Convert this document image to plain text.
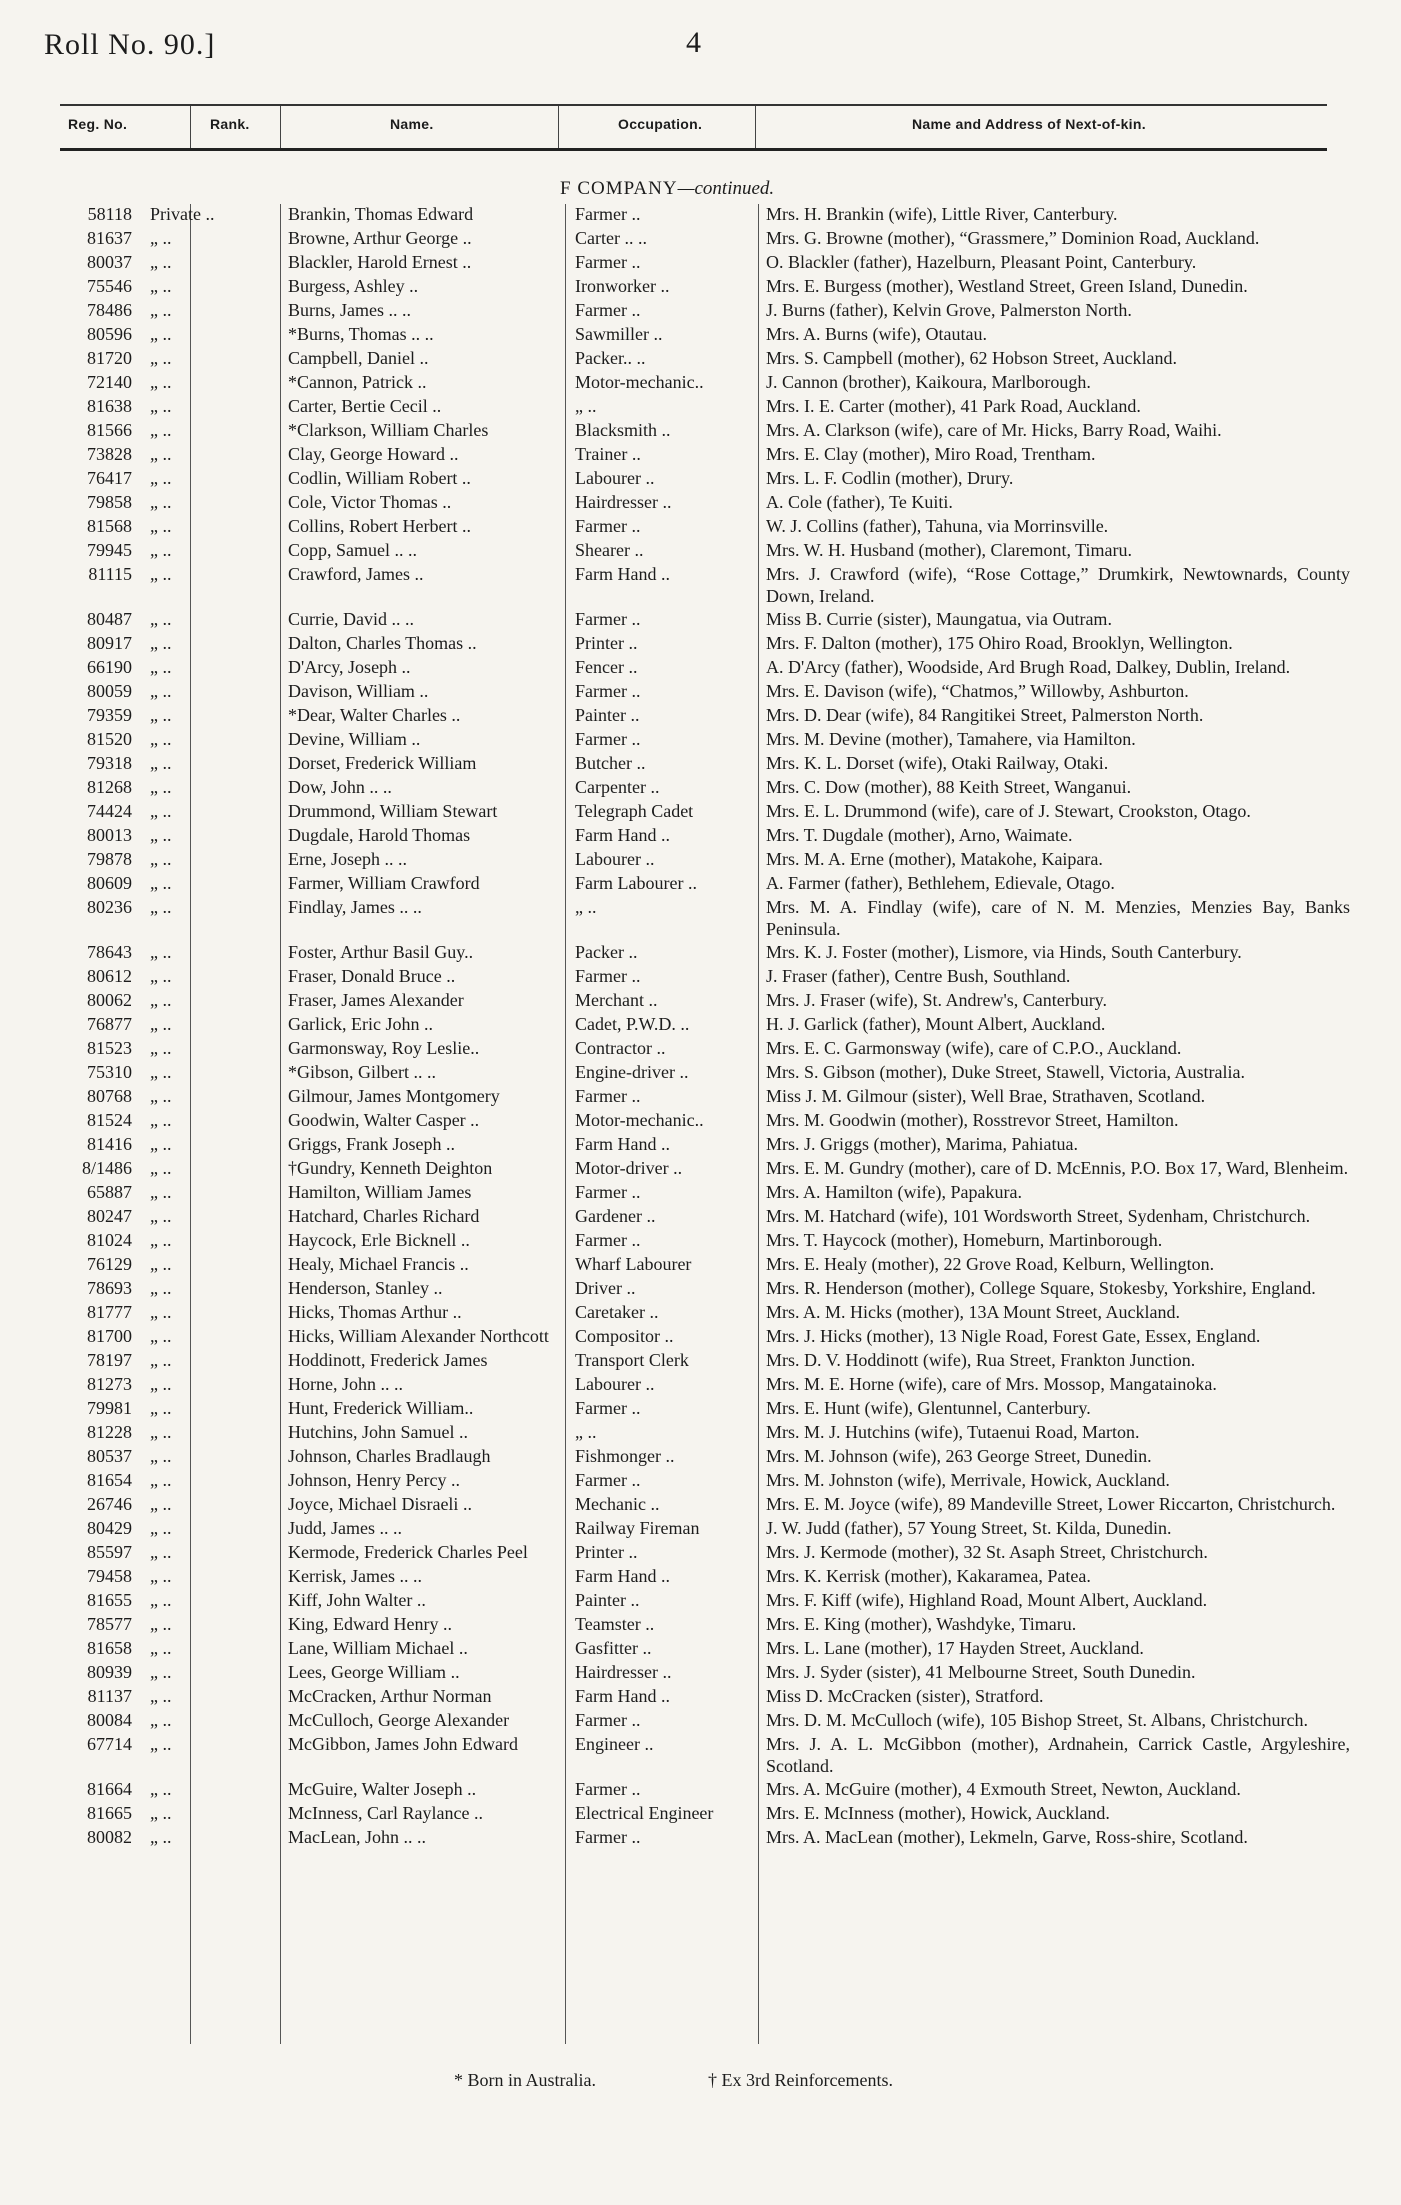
Roll No. 90.]	4
Reg. No.	Rank.	Name.	Occupation.	Name and Address of Next-of-kin.
F COMPANY—continued.
58118 Private ..	Brankin, Thomas Edward	Farmer ..	Mrs. H. Brankin (wife), Little River, Canterbury.
81637 „ ..	Browne, Arthur George ..	Carter .. ..	Mrs. G. Browne (mother), “Grassmere,” Dominion Road, Auckland.
80037 „ ..	Blackler, Harold Ernest ..	Farmer ..	O. Blackler (father), Hazelburn, Pleasant Point, Canterbury.
75546 „ ..	Burgess, Ashley ..	Ironworker ..	Mrs. E. Burgess (mother), Westland Street, Green Island, Dunedin.
78486 „ ..	Burns, James .. ..	Farmer ..	J. Burns (father), Kelvin Grove, Palmerston North.
80596 „ ..	*Burns, Thomas .. ..	Sawmiller ..	Mrs. A. Burns (wife), Otautau.
81720 „ ..	Campbell, Daniel ..	Packer.. ..	Mrs. S. Campbell (mother), 62 Hobson Street, Auckland.
72140 „ ..	*Cannon, Patrick ..	Motor-mechanic..	J. Cannon (brother), Kaikoura, Marlborough.
81638 „ ..	Carter, Bertie Cecil ..	„ ..	Mrs. I. E. Carter (mother), 41 Park Road, Auckland.
81566 „ ..	*Clarkson, William Charles	Blacksmith ..	Mrs. A. Clarkson (wife), care of Mr. Hicks, Barry Road, Waihi.
73828 „ ..	Clay, George Howard ..	Trainer ..	Mrs. E. Clay (mother), Miro Road, Trentham.
76417 „ ..	Codlin, William Robert ..	Labourer ..	Mrs. L. F. Codlin (mother), Drury.
79858 „ ..	Cole, Victor Thomas ..	Hairdresser ..	A. Cole (father), Te Kuiti.
81568 „ ..	Collins, Robert Herbert ..	Farmer ..	W. J. Collins (father), Tahuna, via Morrinsville.
79945 „ ..	Copp, Samuel .. ..	Shearer ..	Mrs. W. H. Husband (mother), Claremont, Timaru.
81115 „ ..	Crawford, James ..	Farm Hand ..	Mrs. J. Crawford (wife), “Rose Cottage,” Drumkirk, Newtownards, County Down, Ireland.
80487 „ ..	Currie, David .. ..	Farmer ..	Miss B. Currie (sister), Maungatua, via Outram.
80917 „ ..	Dalton, Charles Thomas ..	Printer ..	Mrs. F. Dalton (mother), 175 Ohiro Road, Brooklyn, Wellington.
66190 „ ..	D'Arcy, Joseph ..	Fencer ..	A. D'Arcy (father), Woodside, Ard Brugh Road, Dalkey, Dublin, Ireland.
80059 „ ..	Davison, William ..	Farmer ..	Mrs. E. Davison (wife), “Chatmos,” Willowby, Ashburton.
79359 „ ..	*Dear, Walter Charles ..	Painter ..	Mrs. D. Dear (wife), 84 Rangitikei Street, Palmerston North.
81520 „ ..	Devine, William ..	Farmer ..	Mrs. M. Devine (mother), Tamahere, via Hamilton.
79318 „ ..	Dorset, Frederick William	Butcher ..	Mrs. K. L. Dorset (wife), Otaki Railway, Otaki.
81268 „ ..	Dow, John .. ..	Carpenter ..	Mrs. C. Dow (mother), 88 Keith Street, Wanganui.
74424 „ ..	Drummond, William Stewart	Telegraph Cadet	Mrs. E. L. Drummond (wife), care of J. Stewart, Crookston, Otago.
80013 „ ..	Dugdale, Harold Thomas	Farm Hand ..	Mrs. T. Dugdale (mother), Arno, Waimate.
79878 „ ..	Erne, Joseph .. ..	Labourer ..	Mrs. M. A. Erne (mother), Matakohe, Kaipara.
80609 „ ..	Farmer, William Crawford	Farm Labourer ..	A. Farmer (father), Bethlehem, Edievale, Otago.
80236 „ ..	Findlay, James .. ..	„ ..	Mrs. M. A. Findlay (wife), care of N. M. Menzies, Menzies Bay, Banks Peninsula.
78643 „ ..	Foster, Arthur Basil Guy..	Packer ..	Mrs. K. J. Foster (mother), Lismore, via Hinds, South Canterbury.
80612 „ ..	Fraser, Donald Bruce ..	Farmer ..	J. Fraser (father), Centre Bush, Southland.
80062 „ ..	Fraser, James Alexander	Merchant ..	Mrs. J. Fraser (wife), St. Andrew's, Canterbury.
76877 „ ..	Garlick, Eric John ..	Cadet, P.W.D. ..	H. J. Garlick (father), Mount Albert, Auckland.
81523 „ ..	Garmonsway, Roy Leslie..	Contractor ..	Mrs. E. C. Garmonsway (wife), care of C.P.O., Auckland.
75310 „ ..	*Gibson, Gilbert .. ..	Engine-driver ..	Mrs. S. Gibson (mother), Duke Street, Stawell, Victoria, Australia.
80768 „ ..	Gilmour, James Montgomery	Farmer ..	Miss J. M. Gilmour (sister), Well Brae, Strathaven, Scotland.
81524 „ ..	Goodwin, Walter Casper ..	Motor-mechanic..	Mrs. M. Goodwin (mother), Rosstrevor Street, Hamilton.
81416 „ ..	Griggs, Frank Joseph ..	Farm Hand ..	Mrs. J. Griggs (mother), Marima, Pahiatua.
8/1486 „ ..	†Gundry, Kenneth Deighton	Motor-driver ..	Mrs. E. M. Gundry (mother), care of D. McEnnis, P.O. Box 17, Ward, Blenheim.
65887 „ ..	Hamilton, William James	Farmer ..	Mrs. A. Hamilton (wife), Papakura.
80247 „ ..	Hatchard, Charles Richard	Gardener ..	Mrs. M. Hatchard (wife), 101 Wordsworth Street, Sydenham, Christchurch.
81024 „ ..	Haycock, Erle Bicknell ..	Farmer ..	Mrs. T. Haycock (mother), Homeburn, Martinborough.
76129 „ ..	Healy, Michael Francis ..	Wharf Labourer	Mrs. E. Healy (mother), 22 Grove Road, Kelburn, Wellington.
78693 „ ..	Henderson, Stanley ..	Driver ..	Mrs. R. Henderson (mother), College Square, Stokesby, Yorkshire, England.
81777 „ ..	Hicks, Thomas Arthur ..	Caretaker ..	Mrs. A. M. Hicks (mother), 13A Mount Street, Auckland.
81700 „ ..	Hicks, William Alexander Northcott	Compositor ..	Mrs. J. Hicks (mother), 13 Nigle Road, Forest Gate, Essex, England.
78197 „ ..	Hoddinott, Frederick James	Transport Clerk	Mrs. D. V. Hoddinott (wife), Rua Street, Frankton Junction.
81273 „ ..	Horne, John .. ..	Labourer ..	Mrs. M. E. Horne (wife), care of Mrs. Mossop, Mangatainoka.
79981 „ ..	Hunt, Frederick William..	Farmer ..	Mrs. E. Hunt (wife), Glentunnel, Canterbury.
81228 „ ..	Hutchins, John Samuel ..	„ ..	Mrs. M. J. Hutchins (wife), Tutaenui Road, Marton.
80537 „ ..	Johnson, Charles Bradlaugh	Fishmonger ..	Mrs. M. Johnson (wife), 263 George Street, Dunedin.
81654 „ ..	Johnson, Henry Percy ..	Farmer ..	Mrs. M. Johnston (wife), Merrivale, Howick, Auckland.
26746 „ ..	Joyce, Michael Disraeli ..	Mechanic ..	Mrs. E. M. Joyce (wife), 89 Mandeville Street, Lower Riccarton, Christchurch.
80429 „ ..	Judd, James .. ..	Railway Fireman	J. W. Judd (father), 57 Young Street, St. Kilda, Dunedin.
85597 „ ..	Kermode, Frederick Charles Peel	Printer ..	Mrs. J. Kermode (mother), 32 St. Asaph Street, Christchurch.
79458 „ ..	Kerrisk, James .. ..	Farm Hand ..	Mrs. K. Kerrisk (mother), Kakaramea, Patea.
81655 „ ..	Kiff, John Walter ..	Painter ..	Mrs. F. Kiff (wife), Highland Road, Mount Albert, Auckland.
78577 „ ..	King, Edward Henry ..	Teamster ..	Mrs. E. King (mother), Washdyke, Timaru.
81658 „ ..	Lane, William Michael ..	Gasfitter ..	Mrs. L. Lane (mother), 17 Hayden Street, Auckland.
80939 „ ..	Lees, George William ..	Hairdresser ..	Mrs. J. Syder (sister), 41 Melbourne Street, South Dunedin.
81137 „ ..	McCracken, Arthur Norman	Farm Hand ..	Miss D. McCracken (sister), Stratford.
80084 „ ..	McCulloch, George Alexander	Farmer ..	Mrs. D. M. McCulloch (wife), 105 Bishop Street, St. Albans, Christchurch.
67714 „ ..	McGibbon, James John Edward	Engineer ..	Mrs. J. A. L. McGibbon (mother), Ardnahein, Carrick Castle, Argyleshire, Scotland.
81664 „ ..	McGuire, Walter Joseph ..	Farmer ..	Mrs. A. McGuire (mother), 4 Exmouth Street, Newton, Auckland.
81665 „ ..	McInness, Carl Raylance ..	Electrical Engineer	Mrs. E. McInness (mother), Howick, Auckland.
80082 „ ..	MacLean, John .. ..	Farmer ..	Mrs. A. MacLean (mother), Lekmeln, Garve, Ross-shire, Scotland.
* Born in Australia.	† Ex 3rd Reinforcements.
